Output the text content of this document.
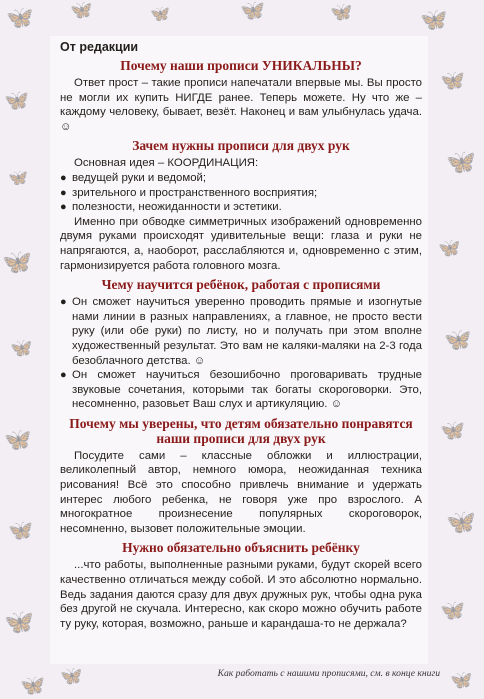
🦋 🦋	🦋	🦋	🦋	🦋
🦋
🦋
🦋
🦋
🦋
🦋
🦋
🦋
🦋
🦋
🦋
🦋
🦋
🦋
🦋
🦋	🦋
От редакции
Почему наши прописи УНИКАЛЬНЫ?

Ответ прост – такие прописи напечатали впервые мы. Вы просто не могли их купить НИГДЕ ранее. Теперь можете. Ну что же – каждому человеку, бывает, везёт. Наконец и вам улыбнулась удача. ☺

Зачем нужны прописи для двух рук

Основная идея – КООРДИНАЦИЯ:

● ведущей руки и ведомой;
● зрительного и пространственного восприятия;
● полезности, неожиданности и эстетики.

Именно при обводке симметричных изображений одновременно двумя руками происходят удивительные вещи: глаза и руки не напрягаются, а, наоборот, расслабляются и, одновременно с этим, гармонизируется работа головного мозга.

Чему научится ребёнок, работая с прописями
● Он сможет научиться уверенно проводить прямые и изогнутые нами линии в разных направлениях, а главное, не просто вести руку (или обе руки) по листу, но и получать при этом вполне художественный результат. Это вам не каляки-маляки на 2-3 года безоблачного детства. ☺
● Он сможет научиться безошибочно проговаривать трудные звуковые сочетания, которыми так богаты скороговорки. Это, несомненно, разовьет Ваш слух и артикуляцию. ☺
Почему мы уверены, что детям обязательно понравятся наши прописи для двух рук

Посудите сами – классные обложки и иллюстрации, великолепный автор, немного юмора, неожиданная техника рисования! Всё это способно привлечь внимание и удержать интерес любого ребенка, не говоря уже про взрослого. А многократное произнесение популярных скороговорок, несомненно, вызовет положительные эмоции.

Нужно обязательно объяснить ребёнку

...что работы, выполненные разными руками, будут скорей всего качественно отличаться между собой. И это абсолютно нормально. Ведь задания даются сразу для двух дружных рук, чтобы одна рука без другой не скучала. Интересно, как скоро можно обучить работе ту руку, которая, возможно, раньше и карандаша-то не держала?

Как работать с нашими прописями, см. в конце книги
